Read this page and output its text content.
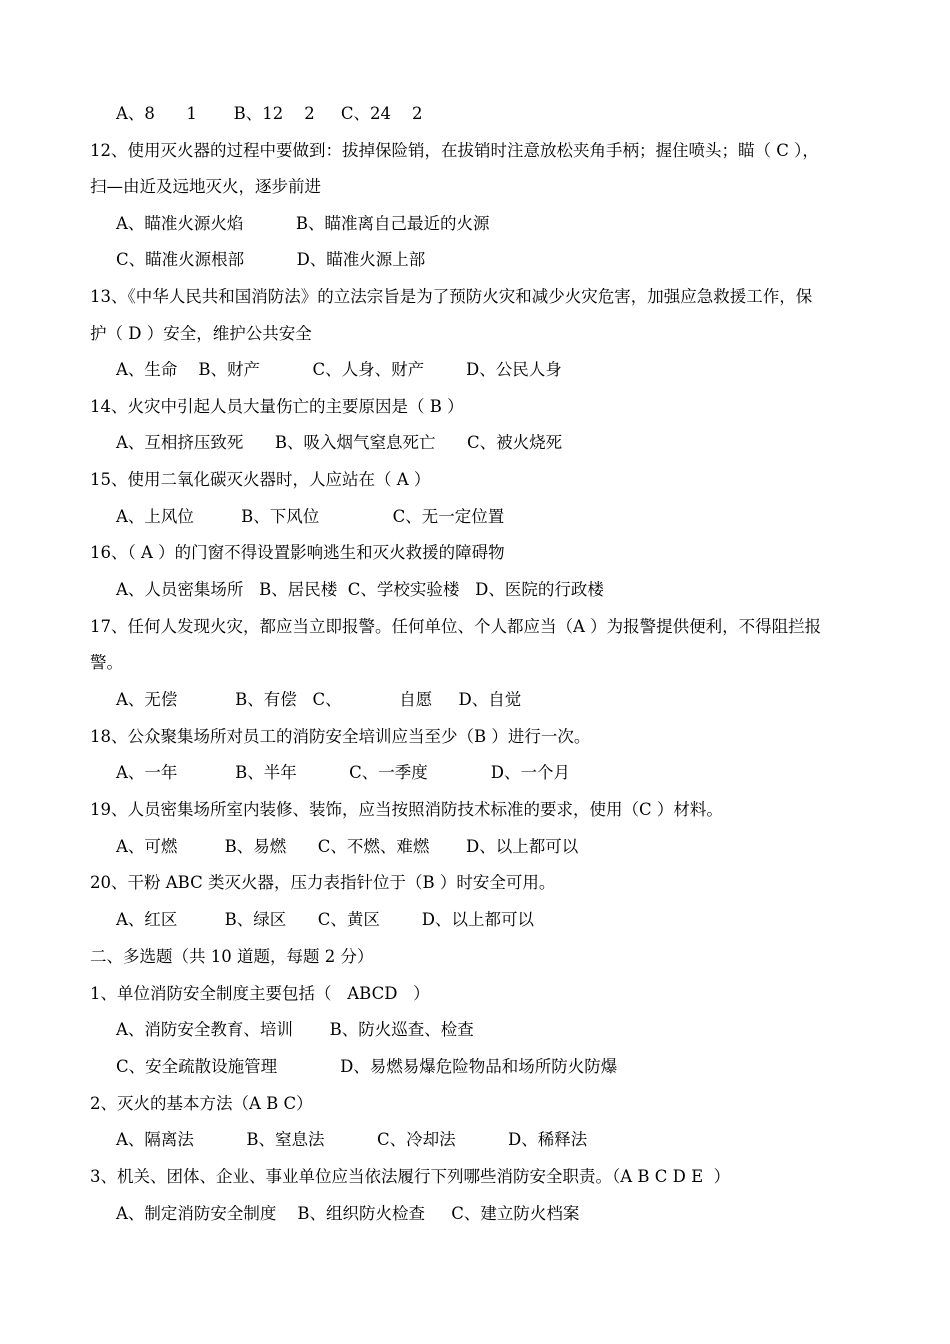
A、8      1       B、12    2     C、24    2
12、使用灭火器的过程中要做到：拔掉保险销，在拔销时注意放松夹角手柄；握住喷头；瞄（ C ），
扫—由近及远地灭火，逐步前进
A、瞄准火源火焰          B、瞄准离自己最近的火源
C、瞄准火源根部          D、瞄准火源上部
13、《中华人民共和国消防法》的立法宗旨是为了预防火灾和减少火灾危害，加强应急救援工作，保
护（ D ）安全，维护公共安全
A、生命    B、财产          C、人身、财产        D、公民人身
14、火灾中引起人员大量伤亡的主要原因是（ B ）
A、互相挤压致死      B、吸入烟气窒息死亡      C、被火烧死
15、使用二氧化碳灭火器时，人应站在（ A ）
A、上风位         B、下风位              C、无一定位置
16、（ A ）的门窗不得设置影响逃生和灭火救援的障碍物
A、人员密集场所   B、居民楼  C、学校实验楼   D、医院的行政楼
17、任何人发现火灾，都应当立即报警。任何单位、个人都应当（A ）为报警提供便利，不得阻拦报
警。
A、无偿           B、有偿   C、           自愿     D、自觉
18、公众聚集场所对员工的消防安全培训应当至少（B ）进行一次。
A、一年           B、半年          C、一季度            D、一个月
19、人员密集场所室内装修、装饰，应当按照消防技术标准的要求，使用（C ）材料。
A、可燃         B、易燃      C、不燃、难燃       D、以上都可以
20、干粉 ABC 类灭火器，压力表指针位于（B ）时安全可用。
A、红区         B、绿区      C、黄区        D、以上都可以
二、多选题（共 10 道题，每题 2 分）
1、单位消防安全制度主要包括（   ABCD   ）
A、消防安全教育、培训       B、防火巡查、检查
C、安全疏散设施管理            D、易燃易爆危险物品和场所防火防爆
2、灭火的基本方法（A B C）
A、隔离法          B、窒息法          C、冷却法          D、稀释法
3、机关、团体、企业、事业单位应当依法履行下列哪些消防安全职责。（A B C D E  ）
A、制定消防安全制度    B、组织防火检查     C、建立防火档案
